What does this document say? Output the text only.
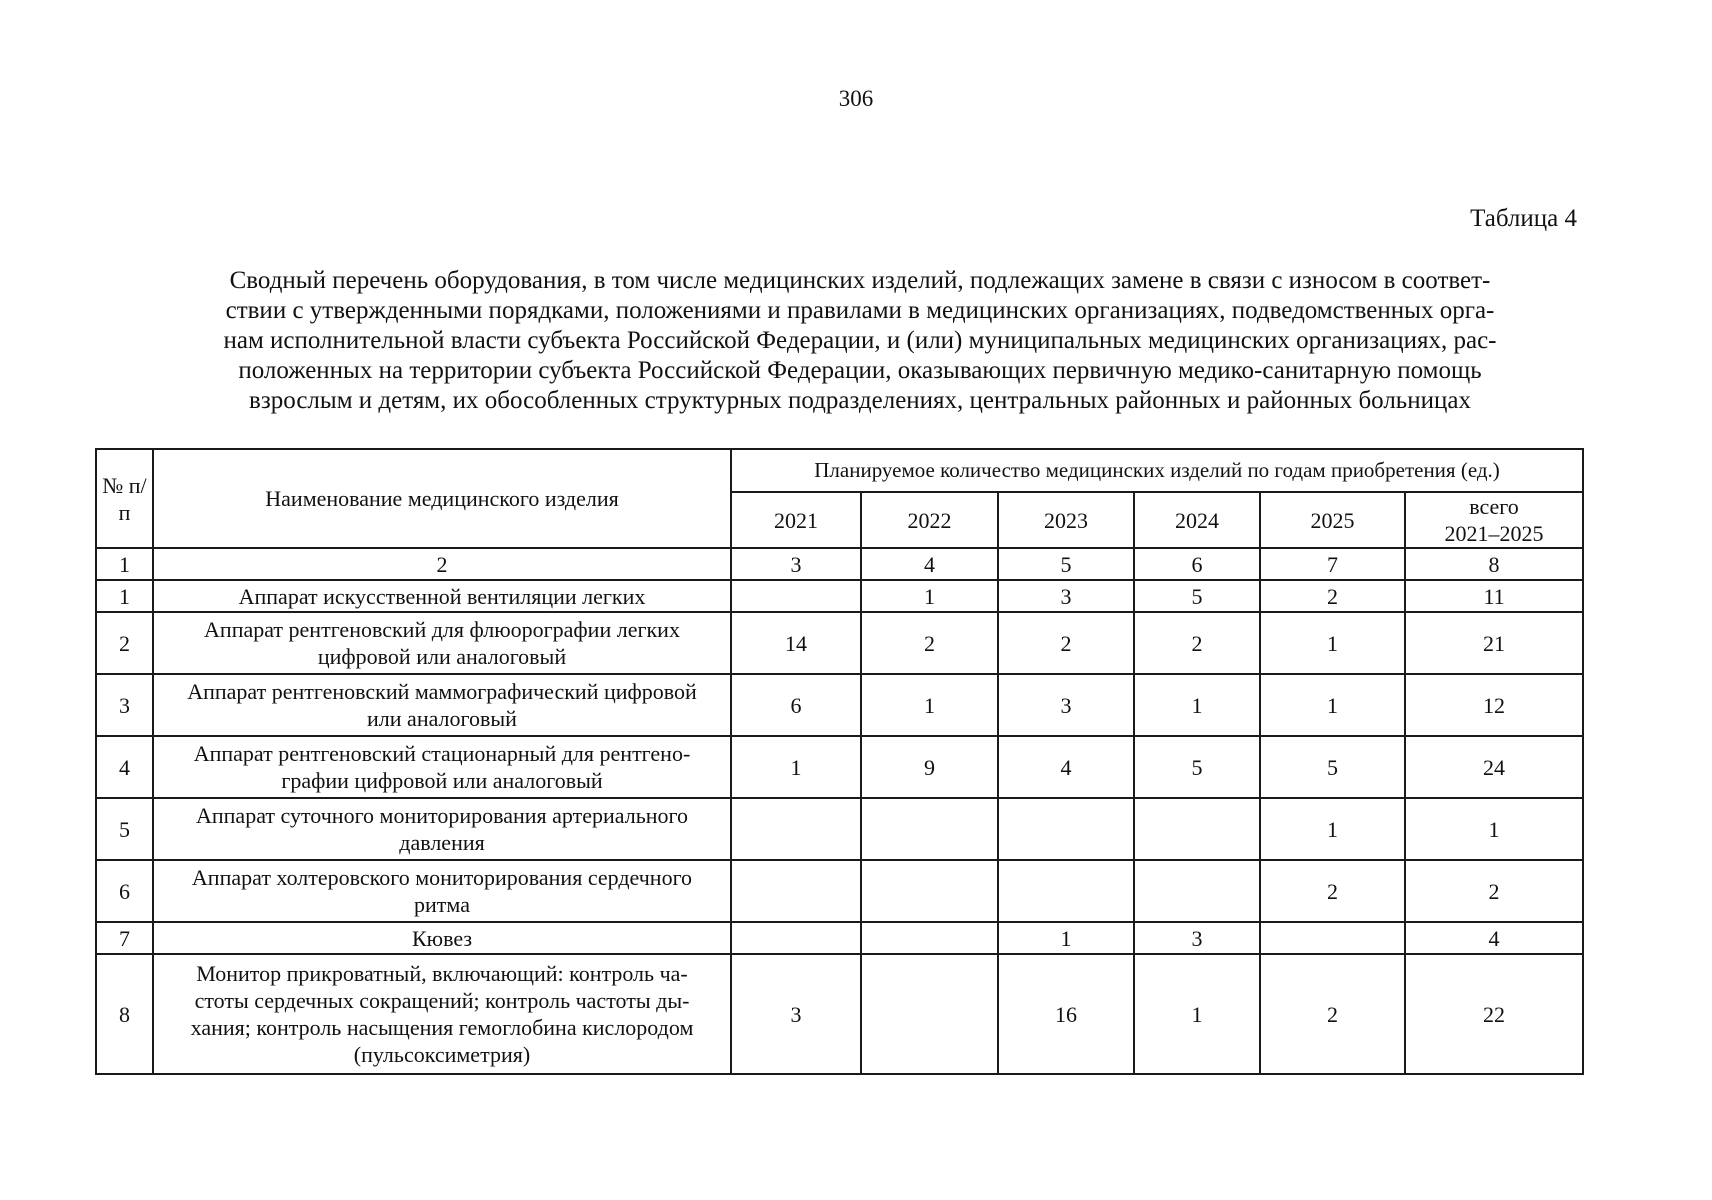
306
Таблица 4
Сводный перечень оборудования, в том числе медицинских изделий, подлежащих замене в связи с износом в соответ-
ствии с утвержденными порядками, положениями и правилами в медицинских организациях, подведомственных орга-
нам исполнительной власти субъекта Российской Федерации, и (или) муниципальных медицинских организациях, рас-
положенных на территории субъекта Российской Федерации, оказывающих первичную медико-санитарную помощь
взрослым и детям, их обособленных структурных подразделениях, центральных районных и районных больницах
№ п/п	Наименование медицинского изделия	Планируемое количество медицинских изделий по годам приобретения (ед.)					
		2021	2022	2023	2024	2025	всего
2021–2025

1	2	3	4	5	6	7	8
1	Аппарат искусственной вентиляции легких		1	3	5	2	11
2	Аппарат рентгеновский для флюорографии легких
цифровой или аналоговый	14	2	2	2	1	21
3	Аппарат рентгеновский маммографический цифровой
или аналоговый	6	1	3	1	1	12
4	Аппарат рентгеновский стационарный для рентгено-
графии цифровой или аналоговый	1	9	4	5	5	24
5	Аппарат суточного мониторирования артериального
давления					1	1
6	Аппарат холтеровского мониторирования сердечного
ритма					2	2
7	Кювез			1	3		4
8	Монитор прикроватный, включающий: контроль ча-
стоты сердечных сокращений; контроль частоты ды-
хания; контроль насыщения гемоглобина кислородом
(пульсоксиметрия)	3		16	1	2	22
